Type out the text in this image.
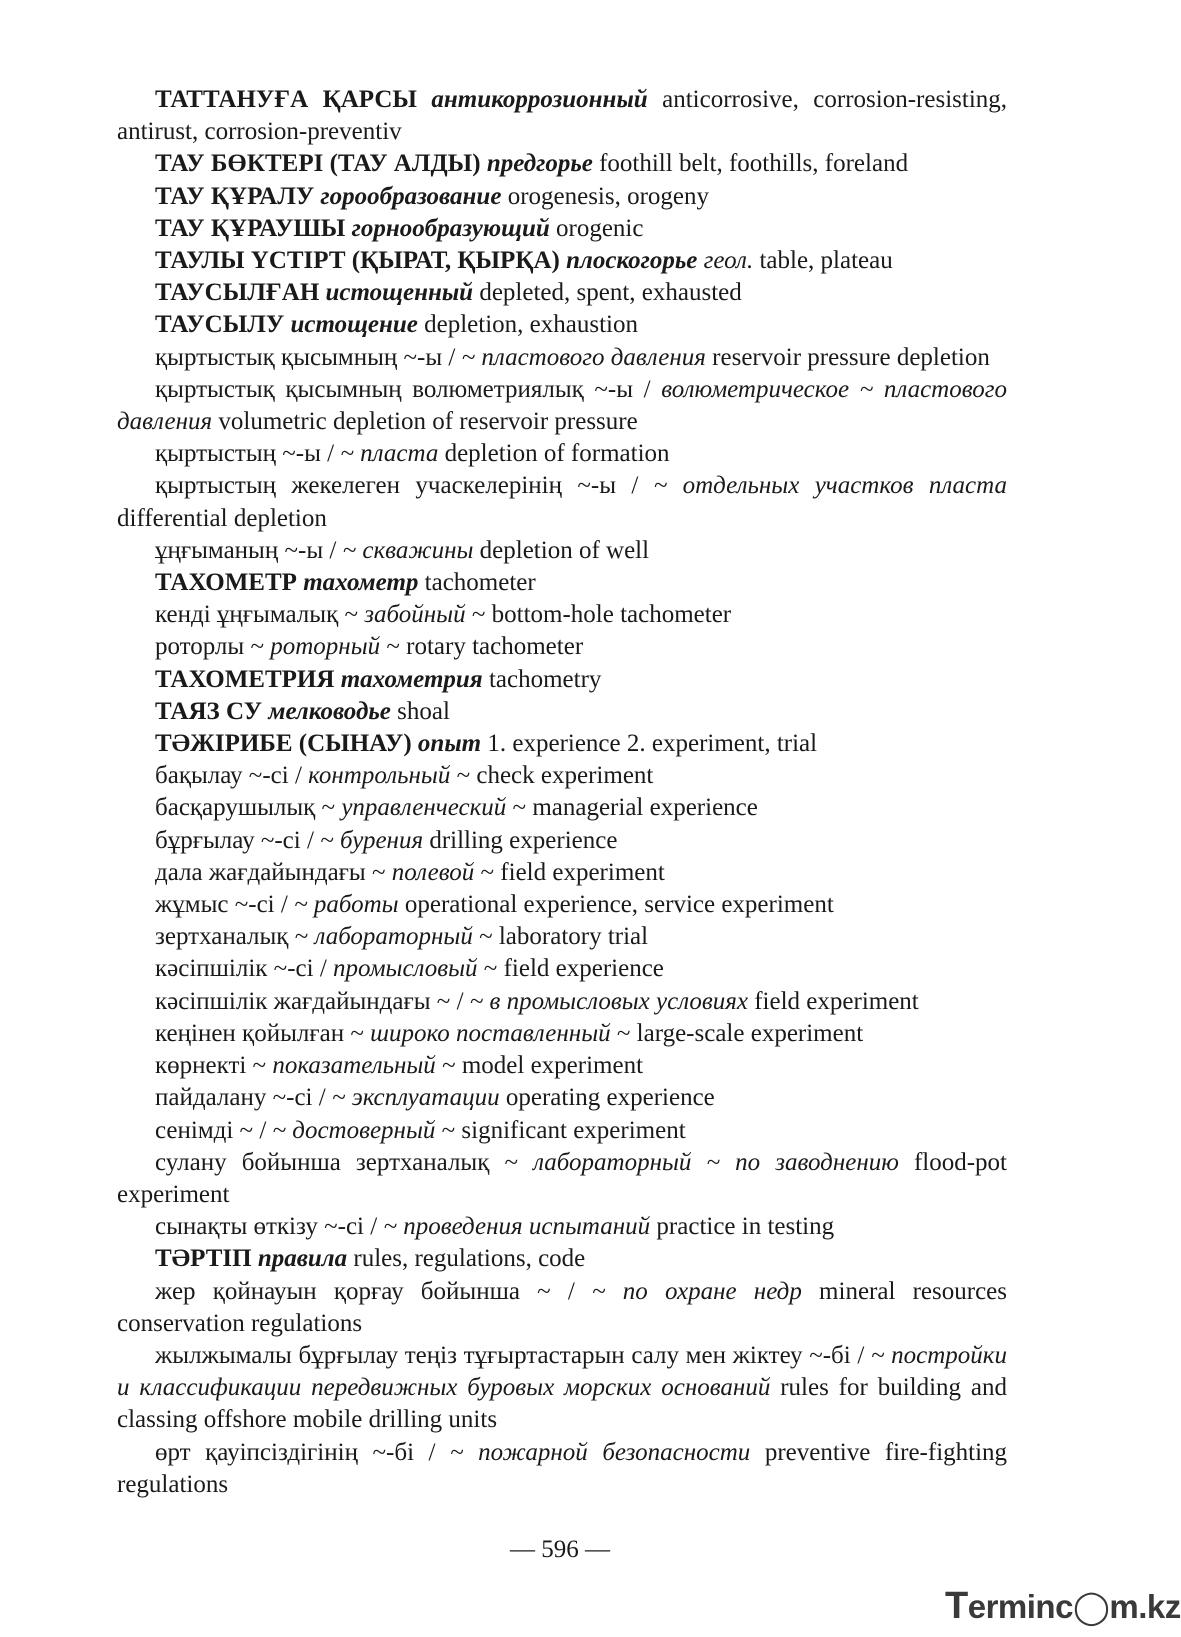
ТАТТАНУҒА ҚАРСЫ антикоррозионный anticorrosive, corrosion-resisting, antirust, corrosion-preventiv

ТАУ БӨКТЕРІ (ТАУ АЛДЫ) предгорье foothill belt, foothills, foreland

ТАУ ҚҰРАЛУ горообразование orogenesis, orogeny

ТАУ ҚҰРАУШЫ горнообразующий orogenic

ТАУЛЫ ҮСТІРТ (ҚЫРАТ, ҚЫРҚА) плоскогорье геол. table, plateau

ТАУСЫЛҒАН истощенный depleted, spent, exhausted

ТАУСЫЛУ истощение depletion, exhaustion

қыртыстық қысымның ~-ы / ~ пластового давления reservoir pressure depletion

қыртыстық қысымның волюметриялық ~-ы / волюметрическое ~ пластового давления volumetric depletion of reservoir pressure

қыртыстың ~-ы / ~ пласта depletion of formation

қыртыстың жекелеген учаскелерінің ~-ы / ~ отдельных участков пласта differential depletion

ұңғыманың ~-ы / ~ скважины depletion of well

ТАХОМЕТР тахометр tachometer

кенді ұңғымалық ~ забойный ~ bottom-hole tachometer

роторлы ~ роторный ~ rotary tachometer

ТАХОМЕТРИЯ тахометрия tachometry

ТАЯЗ СУ мелководье shoal

ТӘЖІРИБЕ (СЫНАУ) опыт 1. experience 2. experiment, trial

бақылау ~-сі / контрольный ~ check experiment

басқарушылық ~ управленческий ~ managerial experience

бұрғылау ~-сі / ~ бурения drilling experience

дала жағдайындағы ~ полевой ~ field experiment

жұмыс ~-сі / ~ работы operational experience, service experiment

зертханалық ~ лабораторный ~ laboratory trial

кәсіпшілік ~-сі / промысловый ~ field experience

кәсіпшілік жағдайындағы ~ / ~ в промысловых условиях field experiment

кеңінен қойылған ~ широко поставленный ~ large-scale experiment

көрнекті ~ показательный ~ model experiment

пайдалану ~-сі / ~ эксплуатации operating experience

сенімді ~ / ~ достоверный ~ significant experiment

сулану бойынша зертханалық ~ лабораторный ~ по заводнению flood-pot experiment

сынақты өткізу ~-сі / ~ проведения испытаний practice in testing

ТӘРТІП правила rules, regulations, code

жер қойнауын қорғау бойынша ~ / ~ по охране недр mineral resources conservation regulations

жылжымалы бұрғылау теңіз тұғыртастарын салу мен жіктеу ~-бі / ~ постройки и классификации передвижных буровых морских оснований rules for building and classing offshore mobile drilling units

өрт қауіпсіздігінің ~-бі / ~ пожарной безопасности preventive fire-fighting regulations

— 596 —
Terminc◯m.kz
